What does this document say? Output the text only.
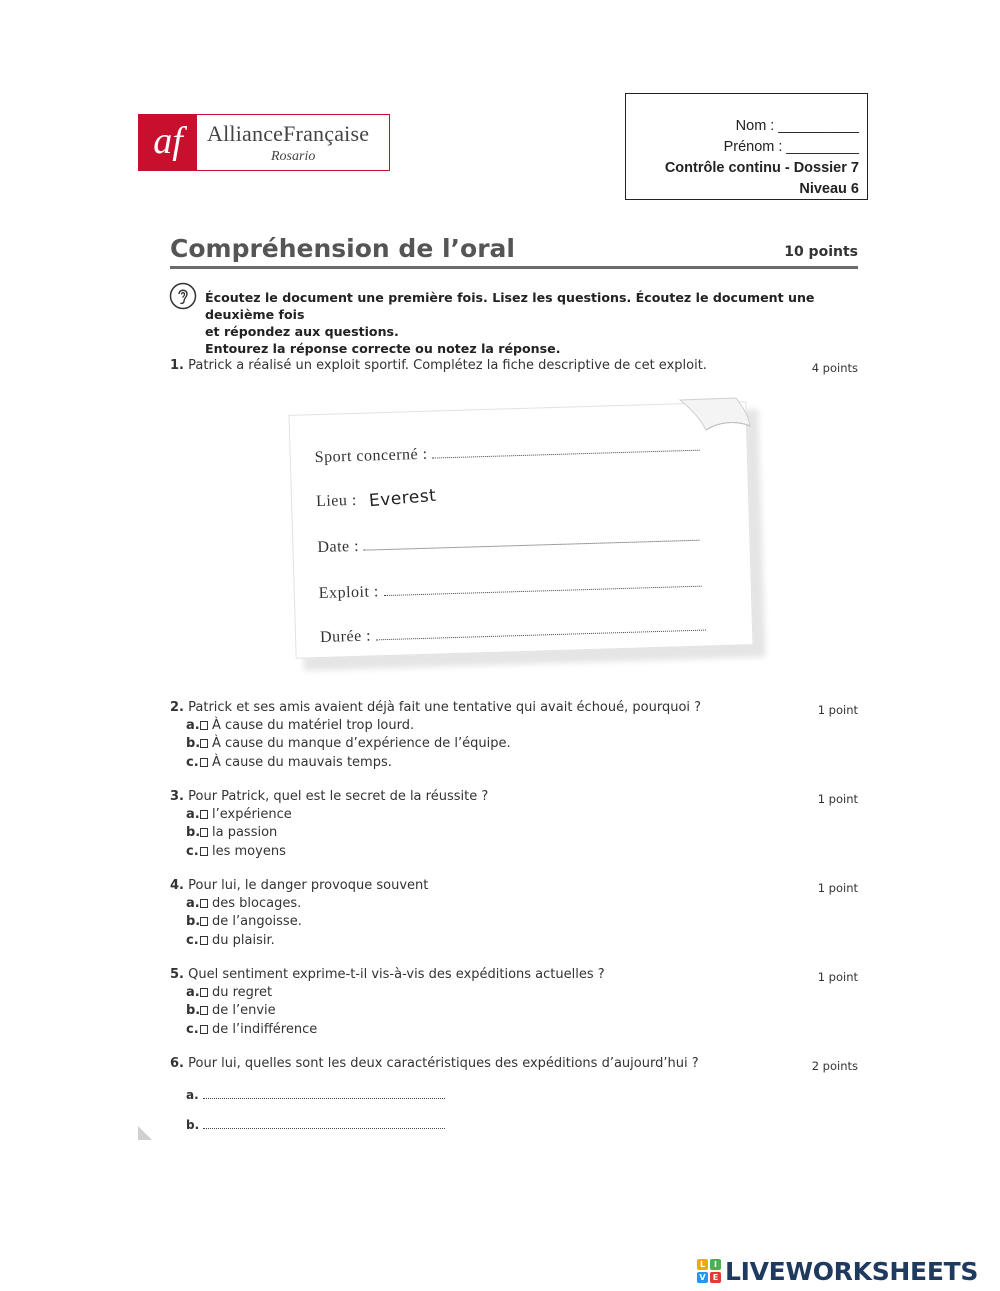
af	AllianceFrançaise
Rosario
Nom : __________
Prénom : _________
Contrôle continu - Dossier 7
Niveau 6
Compréhension de l’oral	10 points
Écoutez le document une première fois. Lisez les questions. Écoutez le document une deuxième fois
et répondez aux questions.
Entourez la réponse correcte ou notez la réponse.
1. Patrick a réalisé un exploit sportif. Complétez la fiche descriptive de cet exploit.	4 points
Sport concerné :
Lieu : Everest
Date :
Exploit :
Durée :
2. Patrick et ses amis avaient déjà fait une tentative qui avait échoué, pourquoi ?	1 point
a. À cause du matériel trop lourd.
b. À cause du manque d’expérience de l’équipe.
c. À cause du mauvais temps.
3. Pour Patrick, quel est le secret de la réussite ?	1 point
a. l’expérience
b. la passion
c. les moyens
4. Pour lui, le danger provoque souvent	1 point
a. des blocages.
b. de l’angoisse.
c. du plaisir.
5. Quel sentiment exprime-t-il vis-à-vis des expéditions actuelles ?	1 point
a. du regret
b. de l’envie
c. de l’indifférence
6. Pour lui, quelles sont les deux caractéristiques des expéditions d’aujourd’hui ?	2 points
a.
b.
L	I
V E LIVEWORKSHEETS
